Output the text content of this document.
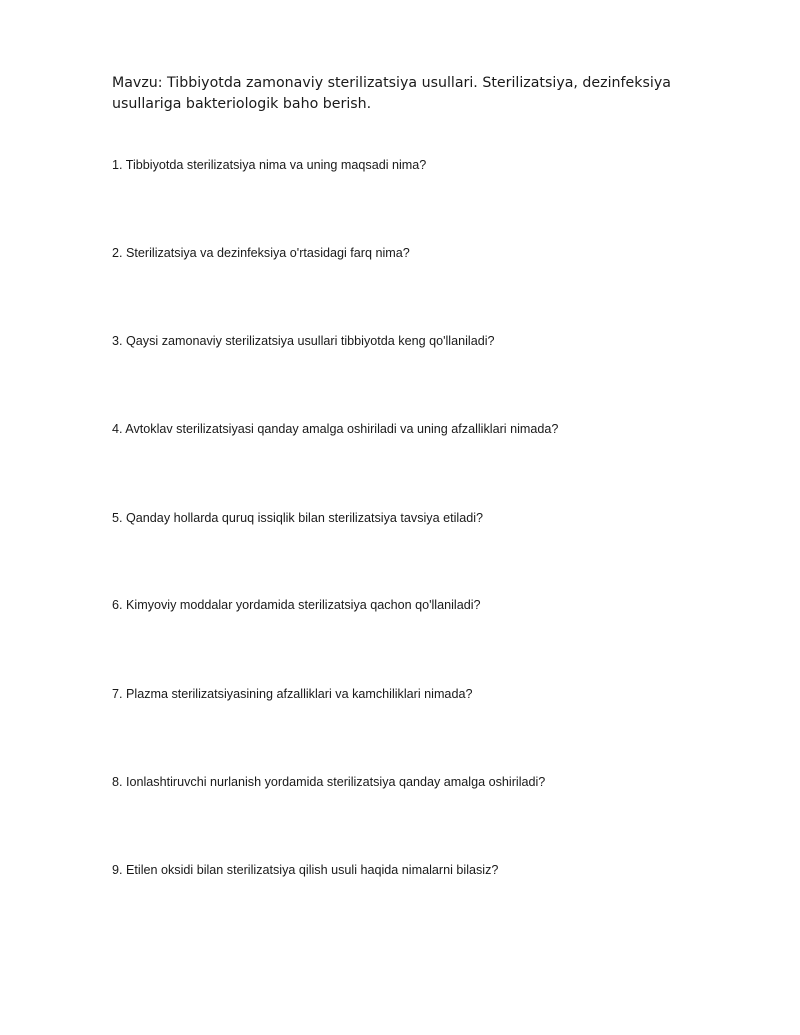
Mavzu: Tibbiyotda zamonaviy sterilizatsiya usullari. Sterilizatsiya, dezinfeksiya usullariga bakteriologik baho berish.

1. Tibbiyotda sterilizatsiya nima va uning maqsadi nima?

2. Sterilizatsiya va dezinfeksiya o'rtasidagi farq nima?

3. Qaysi zamonaviy sterilizatsiya usullari tibbiyotda keng qo'llaniladi?

4. Avtoklav sterilizatsiyasi qanday amalga oshiriladi va uning afzalliklari nimada?

5. Qanday hollarda quruq issiqlik bilan sterilizatsiya tavsiya etiladi?

6. Kimyoviy moddalar yordamida sterilizatsiya qachon qo'llaniladi?

7. Plazma sterilizatsiyasining afzalliklari va kamchiliklari nimada?

8. Ionlashtiruvchi nurlanish yordamida sterilizatsiya qanday amalga oshiriladi?

9. Etilen oksidi bilan sterilizatsiya qilish usuli haqida nimalarni bilasiz?
